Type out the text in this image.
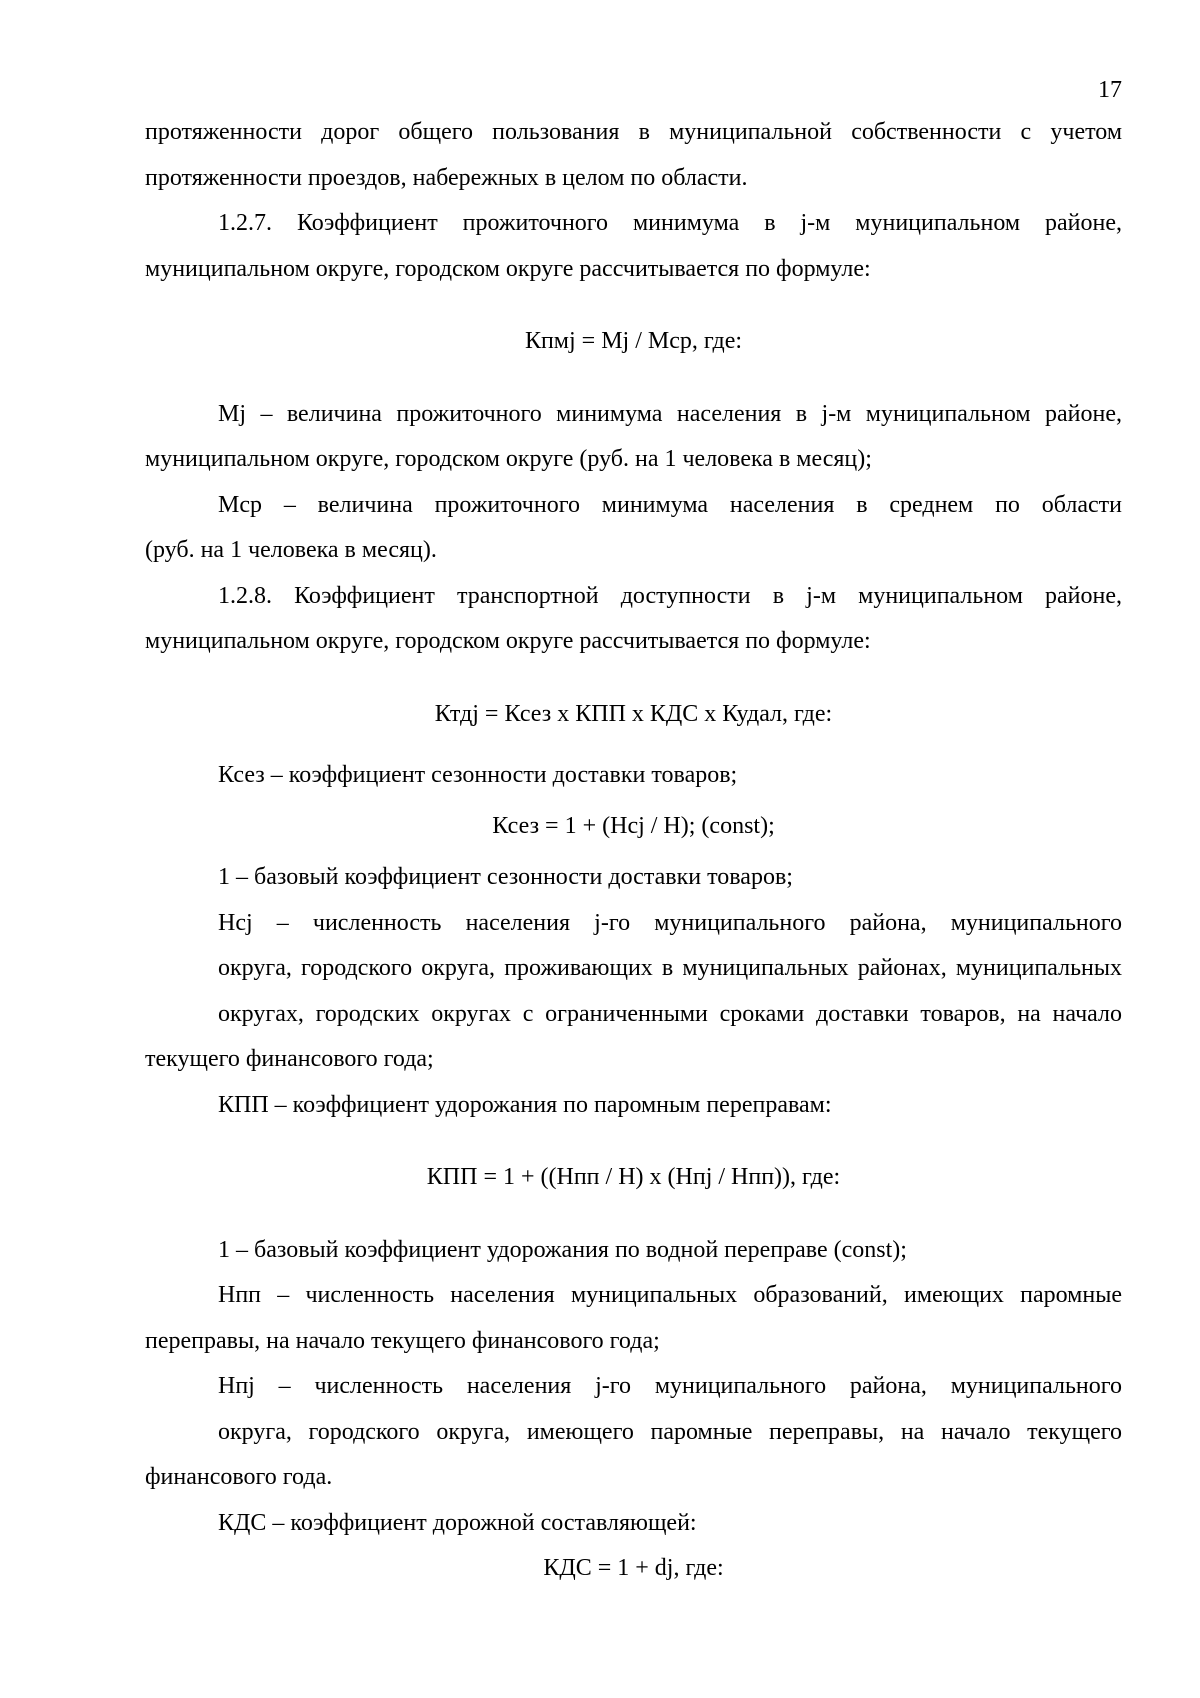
17

протяженности дорог общего пользования в муниципальной собственности с учетом
протяженности проездов, набережных в целом по области.

1.2.7. Коэффициент прожиточного минимума в j-м муниципальном районе,
муниципальном округе, городском округе рассчитывается по формуле:

Кпмj = Mj / Mcp, где:

Mj – величина прожиточного минимума населения в j-м муниципальном районе,
муниципальном округе, городском округе (руб. на 1 человека в месяц);

Mcp – величина прожиточного минимума населения в среднем по области
(руб. на 1 человека в месяц).

1.2.8. Коэффициент транспортной доступности в j-м муниципальном районе,
муниципальном округе, городском округе рассчитывается по формуле:

Ктдj = Ксез х КПП х КДС х Кудал, где:

Ксез – коэффициент сезонности доставки товаров;

Ксез = 1 + (Нсj / Н); (const);

1 – базовый коэффициент сезонности доставки товаров;

Нсj – численность населения j-го муниципального района, муниципального
округа, городского округа, проживающих в муниципальных районах, муниципальных
округах, городских округах с ограниченными сроками доставки товаров, на начало
текущего финансового года;

КПП – коэффициент удорожания по паромным переправам:

КПП = 1 + ((Нпп / Н) х (Нпj / Нпп)), где:

1 – базовый коэффициент удорожания по водной переправе (const);

Нпп – численность населения муниципальных образований, имеющих паромные
переправы, на начало текущего финансового года;

Нпj – численность населения j-го муниципального района, муниципального
округа, городского округа, имеющего паромные переправы, на начало текущего
финансового года.

КДС – коэффициент дорожной составляющей:

КДС = 1 + dj, где:
